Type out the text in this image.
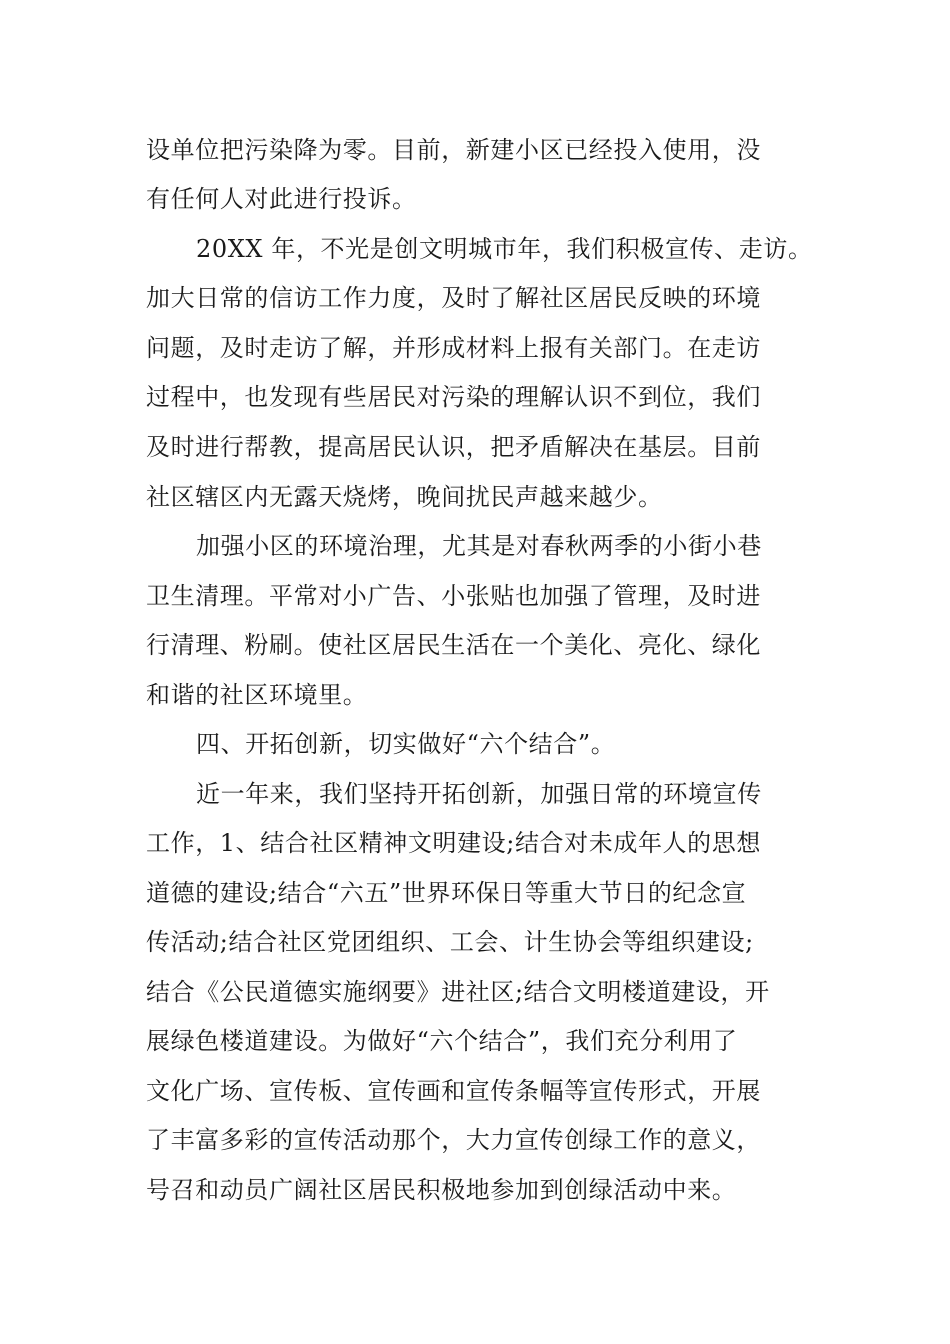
设单位把污染降为零。目前，新建小区已经投入使用，没
有任何人对此进行投诉。
20XX 年，不光是创文明城市年，我们积极宣传、走访。
加大日常的信访工作力度，及时了解社区居民反映的环境
问题，及时走访了解，并形成材料上报有关部门。在走访
过程中，也发现有些居民对污染的理解认识不到位，我们
及时进行帮教，提高居民认识，把矛盾解决在基层。目前
社区辖区内无露天烧烤，晚间扰民声越来越少。
加强小区的环境治理，尤其是对春秋两季的小街小巷
卫生清理。平常对小广告、小张贴也加强了管理，及时进
行清理、粉刷。使社区居民生活在一个美化、亮化、绿化
和谐的社区环境里。
四、开拓创新，切实做好“六个结合”。
近一年来，我们坚持开拓创新，加强日常的环境宣传
工作，1、结合社区精神文明建设;结合对未成年人的思想
道德的建设;结合“六五”世界环保日等重大节日的纪念宣
传活动;结合社区党团组织、工会、计生协会等组织建设;
结合《公民道德实施纲要》进社区;结合文明楼道建设，开
展绿色楼道建设。为做好“六个结合”，我们充分利用了
文化广场、宣传板、宣传画和宣传条幅等宣传形式，开展
了丰富多彩的宣传活动那个，大力宣传创绿工作的意义，
号召和动员广阔社区居民积极地参加到创绿活动中来。
